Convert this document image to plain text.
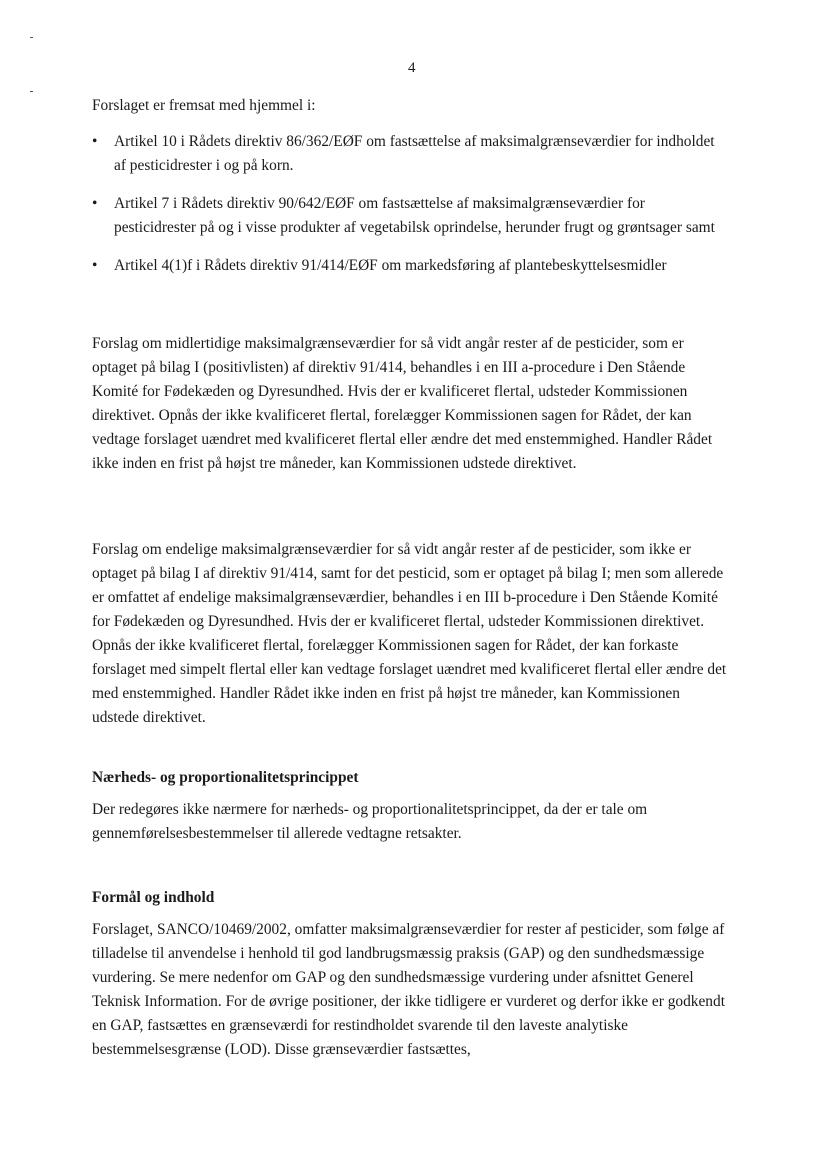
4

Forslaget er fremsat med hjemmel i:

• Artikel 10 i Rådets direktiv 86/362/EØF om fastsættelse af maksimalgrænseværdier for indholdet af pesticidrester i og på korn.
• Artikel 7 i Rådets direktiv 90/642/EØF om fastsættelse af maksimalgrænseværdier for pesticidrester på og i visse produkter af vegetabilsk oprindelse, herunder frugt og grøntsager samt
• Artikel 4(1)f i Rådets direktiv 91/414/EØF om markedsføring af plantebeskyttelsesmidler

Forslag om midlertidige maksimalgrænseværdier for så vidt angår rester af de pesticider, som er optaget på bilag I (positivlisten) af direktiv 91/414, behandles i en III a-procedure i Den Stående Komité for Fødekæden og Dyresundhed. Hvis der er kvalificeret flertal, udsteder Kommissionen direktivet. Opnås der ikke kvalificeret flertal, forelægger Kommissionen sagen for Rådet, der kan vedtage forslaget uændret med kvalificeret flertal eller ændre det med enstemmighed. Handler Rådet ikke inden en frist på højst tre måneder, kan Kommissionen udstede direktivet.

Forslag om endelige maksimalgrænseværdier for så vidt angår rester af de pesticider, som ikke er optaget på bilag I af direktiv 91/414, samt for det pesticid, som er optaget på bilag I; men som allerede er omfattet af endelige maksimalgrænseværdier, behandles i en III b-procedure i Den Stående Komité for Fødekæden og Dyresundhed. Hvis der er kvalificeret flertal, udsteder Kommissionen direktivet. Opnås der ikke kvalificeret flertal, forelægger Kommissionen sagen for Rådet, der kan forkaste forslaget med simpelt flertal eller kan vedtage forslaget uændret med kvalificeret flertal eller ændre det med enstemmighed. Handler Rådet ikke inden en frist på højst tre måneder, kan Kommissionen udstede direktivet.

Nærheds- og proportionalitetsprincippet

Der redegøres ikke nærmere for nærheds- og proportionalitetsprincippet, da der er tale om gennemførelsesbestemmelser til allerede vedtagne retsakter.

Formål og indhold

Forslaget, SANCO/10469/2002, omfatter maksimalgrænseværdier for rester af pesticider, som følge af tilladelse til anvendelse i henhold til god landbrugsmæssig praksis (GAP) og den sundhedsmæssige vurdering. Se mere nedenfor om GAP og den sundhedsmæssige vurdering under afsnittet Generel Teknisk Information. For de øvrige positioner, der ikke tidligere er vurderet og derfor ikke er godkendt en GAP, fastsættes en grænseværdi for restindholdet svarende til den laveste analytiske bestemmelsesgrænse (LOD). Disse grænseværdier fastsættes,
